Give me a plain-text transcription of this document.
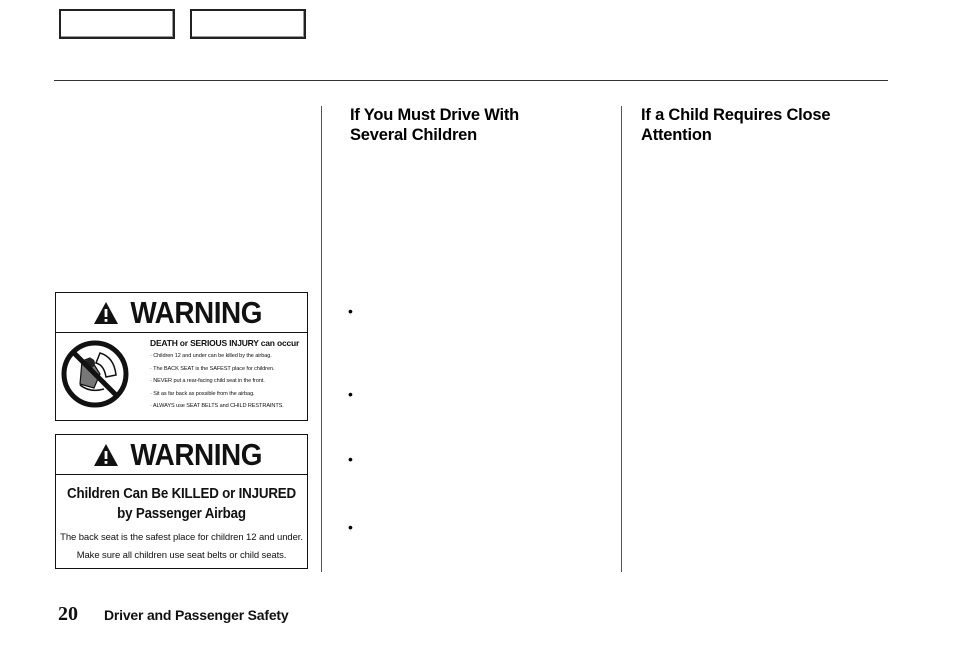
WARNING
DEATH or SERIOUS INJURY can occur
· Children 12 and under can be killed by the airbag.
· The BACK SEAT is the SAFEST place for children.
· NEVER put a rear-facing child seat in the front.
· Sit as far back as possible from the airbag.
· ALWAYS use SEAT BELTS and CHILD RESTRAINTS.
WARNING
Children Can Be KILLED or INJURED
by Passenger Airbag
The back seat is the safest place for children 12 and under.
Make sure all children use seat belts or child seats.
If You Must Drive With
Several Children
•
•
•
•
If a Child Requires Close
Attention

20 Driver and Passenger Safety
